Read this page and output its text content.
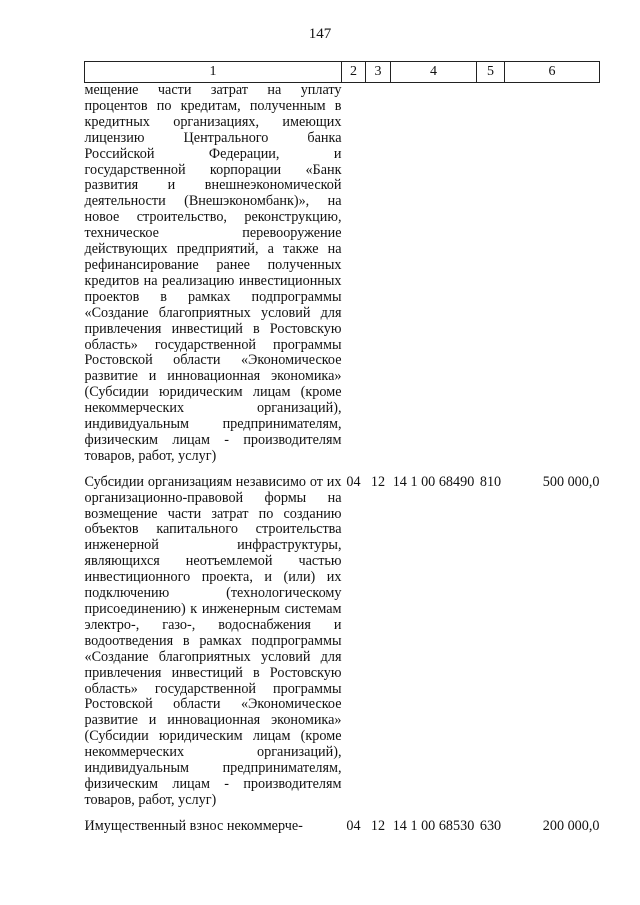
147
1	2	3	4	5	6
мещение части затрат на уплату процентов по кредитам, полученным в кредитных организациях, имеющих лицензию Центрального банка Российской Федерации, и государственной корпорации «Банк развития и внешнеэкономической деятельности (Внешэкономбанк)», на новое строительство, реконструкцию, техническое перевооружение действующих предприятий, а также на рефинансирование ранее полученных кредитов на реализацию инвестиционных проектов в рамках подпрограммы «Создание благоприятных условий для привлечения инвестиций в Ростовскую область» государственной программы Ростовской области «Экономическое развитие и инновационная экономика» (Субсидии юридическим лицам (кроме некоммерческих организаций), индивидуальным предпринимателям, физическим лицам - производителям товаров, работ, услуг)					

Субсидии организациям независимо от их организационно-правовой формы на возмещение части затрат по созданию объектов капитального строительства инженерной инфраструктуры, являющихся неотъемлемой частью инвестиционного проекта, и (или) их подключению (технологическому присоединению) к инженерным системам электро-, газо-, водоснабжения и водоотведения в рамках подпрограммы «Создание благоприятных условий для привлечения инвестиций в Ростовскую область» государственной программы Ростовской области «Экономическое развитие и инновационная экономика» (Субсидии юридическим лицам (кроме некоммерческих организаций), индивидуальным предпринимателям, физическим лицам - производителям товаров, работ, услуг)	04	12	14 1 00 68490	810	500 000,0

Имущественный взнос некоммерче-	04	12	14 1 00 68530	630	200 000,0
